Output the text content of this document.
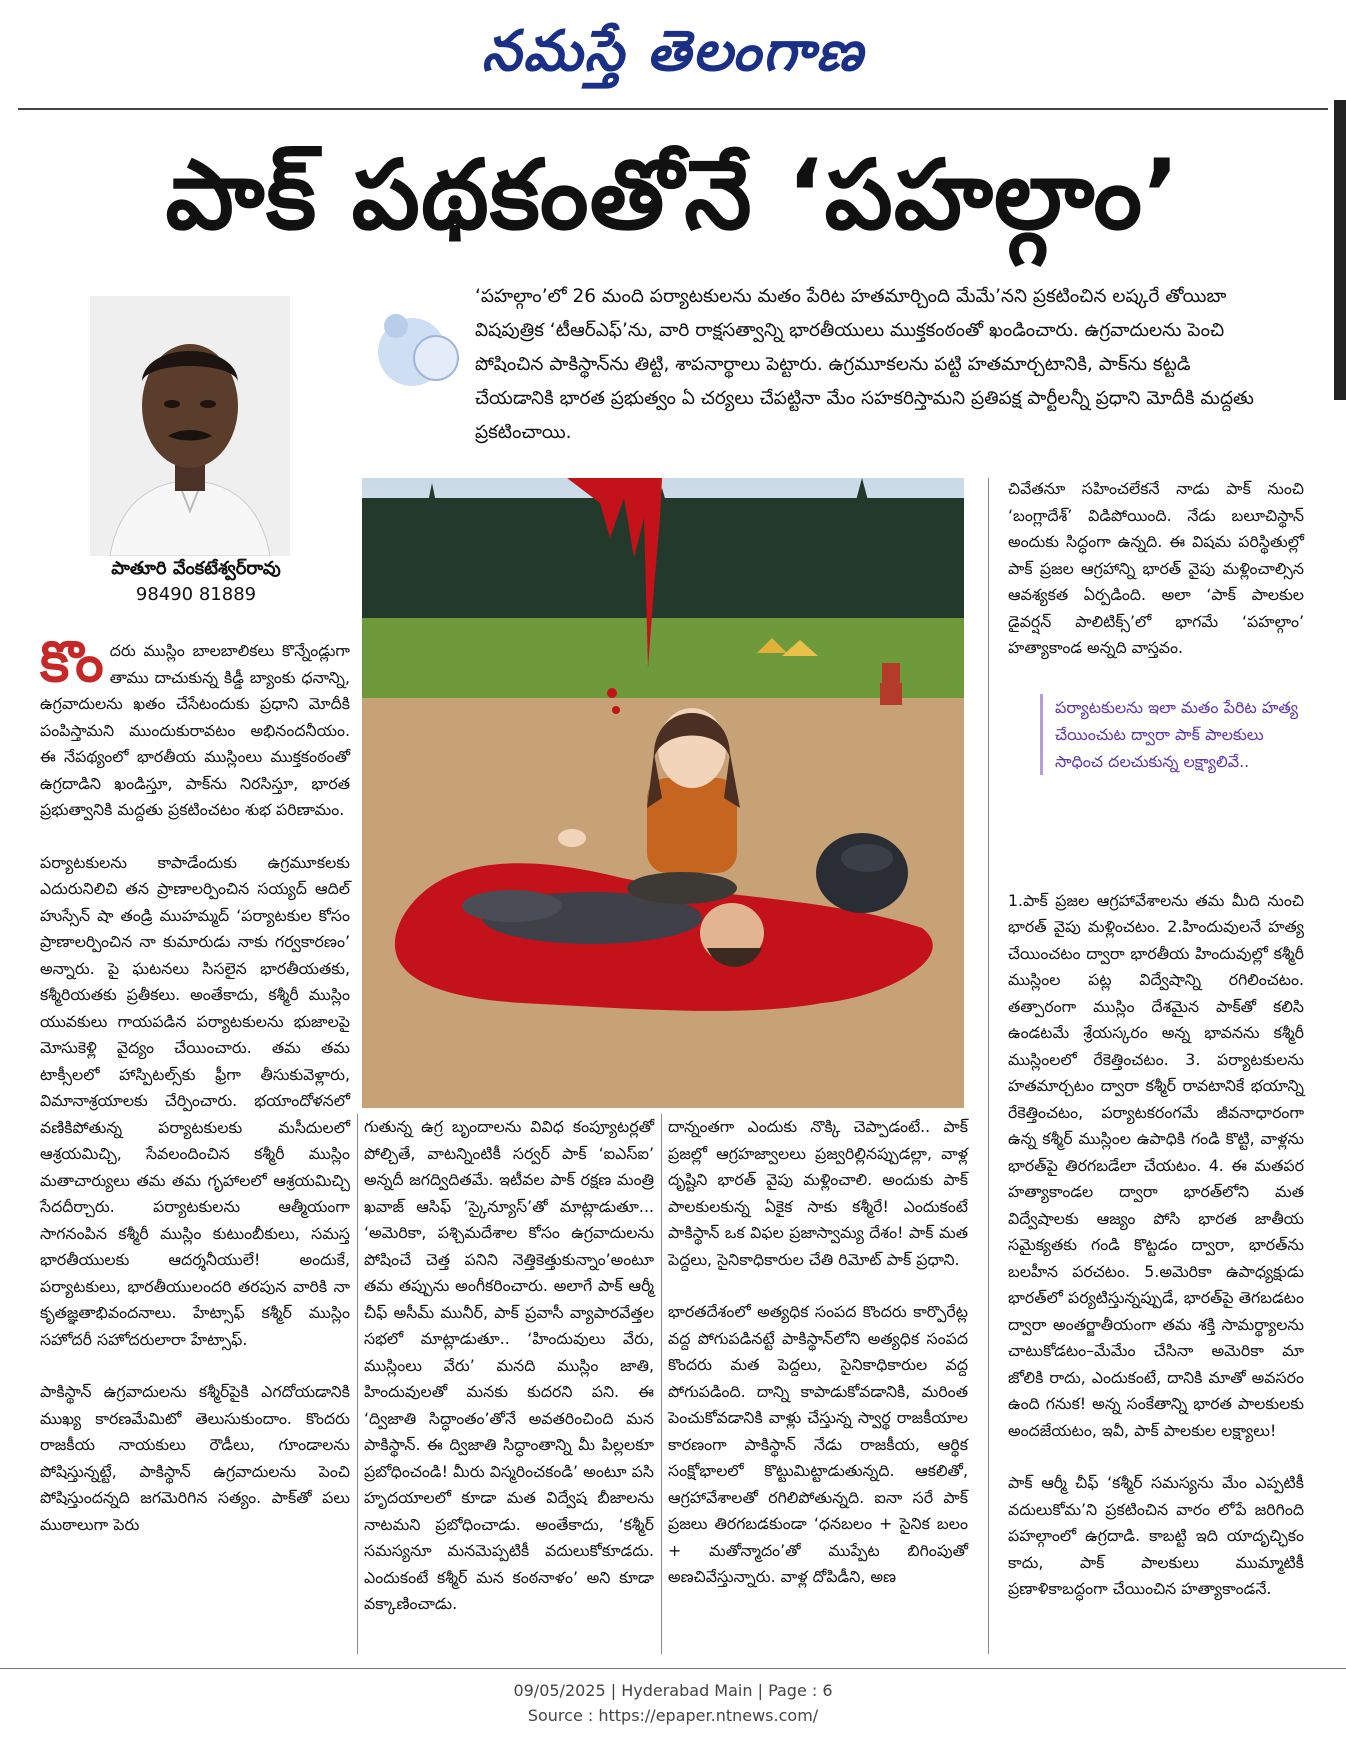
నమస్తే తెలంగాణ
పాక్ పథకంతోనే ‘పహల్గాం’
పాతూరి వేంకటేశ్వర్‌రావు
98490 81889

‘పహల్గాం’లో 26 మంది పర్యాటకులను మతం పేరిట హతమార్చింది మేమే’నని ప్రకటించిన లష్కరే తోయిబా విషపుత్రిక ‘టీఆర్‌ఎఫ్’ను, వారి రాక్షసత్వాన్ని భారతీయులు ముక్తకంఠంతో ఖండించారు. ఉగ్రవాదులను పెంచి పోషించిన పాకిస్థాన్‌ను తిట్టి, శాపనార్థాలు పెట్టారు. ఉగ్రమూకలను పట్టి హతమార్చటానికి, పాక్‌ను కట్టడి చేయడానికి భారత ప్రభుత్వం ఏ చర్యలు చేపట్టినా మేం సహకరిస్తామని ప్రతిపక్ష పార్టీలన్నీ ప్రధాని మోదీకి మద్దతు ప్రకటించాయి.

కొందరు ముస్లిం బాలబాలికలు కొన్నేండ్లుగా తాము దాచుకున్న కిడ్డీ బ్యాంకు ధనాన్ని, ఉగ్రవాదులను ఖతం చేసేటందుకు ప్రధాని మోదీకి పంపిస్తామని ముందుకురావటం అభినందనీయం. ఈ నేపథ్యంలో భారతీయ ముస్లింలు ముక్తకంఠంతో ఉగ్రదాడిని ఖండిస్తూ, పాక్‌ను నిరసిస్తూ, భారత ప్రభుత్వానికి మద్దతు ప్రకటించటం శుభ పరిణామం.

పర్యాటకులను కాపాడేందుకు ఉగ్రమూకలకు ఎదురునిలిచి తన ప్రాణాలర్పించిన సయ్యద్ ఆదిల్ హుస్సేన్ షా తండ్రి ముహమ్మద్ ‘పర్యాటకుల కోసం ప్రాణాలర్పించిన నా కుమారుడు నాకు గర్వకారణం’ అన్నారు. పై ఘటనలు సిసలైన భారతీయతకు, కశ్మీరియతకు ప్రతీకలు. అంతేకాదు, కశ్మీరీ ముస్లిం యువకులు గాయపడిన పర్యాటకులను భుజాలపై మోసుకెళ్లి వైద్యం చేయించారు. తమ తమ టాక్సీలలో హాస్పిటల్స్‌కు ఫ్రీగా తీసుకువెళ్లారు, విమానాశ్రయాలకు చేర్పించారు. భయాందోళనలో వణికిపోతున్న పర్యాటకులకు మసీదులలో ఆశ్రయమిచ్చి, సేవలందించిన కశ్మీరీ ముస్లిం మతాచార్యులు తమ తమ గృహాలలో ఆశ్రయమిచ్చి సేదదీర్చారు. పర్యాటకులను ఆత్మీయంగా సాగనంపిన కశ్మీరీ ముస్లిం కుటుంబీకులు, సమస్త భారతీయులకు ఆదర్శనీయులే! అందుకే, పర్యాటకులు, భారతీయులందరి తరపున వారికి నా కృతజ్ఞతాభివందనాలు. హేట్సాఫ్ కశ్మీర్ ముస్లిం సహోదరీ సహోదరులారా హేట్సాఫ్.

పాకిస్థాన్ ఉగ్రవాదులను కశ్మీర్‌పైకి ఎగదోయడానికి ముఖ్య కారణమేమిటో తెలుసుకుందాం. కొందరు రాజకీయ నాయకులు రౌడీలు, గూండాలను పోషిస్తున్నట్టే, పాకిస్థాన్ ఉగ్రవాదులను పెంచి పోషిస్తుందన్నది జగమెరిగిన సత్యం. పాక్‌తో పలు ముఠాలుగా పెరు

గుతున్న ఉగ్ర బృందాలను వివిధ కంప్యూటర్లతో పోల్చితే, వాటన్నింటికీ సర్వర్ పాక్ ‘ఐఎస్‌ఐ’ అన్నదీ జగద్విదితమే. ఇటీవల పాక్ రక్షణ మంత్రి ఖవాజ్ ఆసిఫ్ ‘స్కైన్యూస్’తో మాట్లాడుతూ... ‘అమెరికా, పశ్చిమదేశాల కోసం ఉగ్రవాదులను పోషించే చెత్త పనిని నెత్తికెత్తుకున్నాం’అంటూ తమ తప్పును అంగీకరించారు. అలాగే పాక్ ఆర్మీ చీఫ్ అసీమ్ మునీర్, పాక్ ప్రవాసీ వ్యాపారవేత్తల సభలో మాట్లాడుతూ.. ‘హిందువులు వేరు, ముస్లింలు వేరు’ మనది ముస్లిం జాతి, హిందువులతో మనకు కుదరని పని. ఈ ‘ద్విజాతి సిద్ధాంతం’తోనే అవతరించింది మన పాకిస్థాన్. ఈ ద్విజాతి సిద్ధాంతాన్ని మీ పిల్లలకూ ప్రబోధించండి! మీరు విస్మరించకండి’ అంటూ పసి హృదయాలలో కూడా మత విద్వేష బీజాలను నాటమని ప్రబోధించాడు. అంతేకాదు, ‘కశ్మీర్ సమస్యనూ మనమెప్పటికీ వదులుకోకూడదు. ఎందుకంటే కశ్మీర్ మన కంఠనాళం’ అని కూడా వక్కాణించాడు.

దాన్నంతగా ఎందుకు నొక్కి చెప్పాడంటే.. పాక్ ప్రజల్లో ఆగ్రహజ్వాలలు ప్రజ్వరిల్లినప్పుడల్లా, వాళ్ల దృష్టిని భారత్ వైపు మళ్లించాలి. అందుకు పాక్ పాలకులకున్న ఏకైక సాకు కశ్మీరే! ఎందుకంటే పాకిస్థాన్ ఒక విఫల ప్రజాస్వామ్య దేశం! పాక్ మత పెద్దలు, సైనికాధికారుల చేతి రిమోట్ పాక్ ప్రధాని.

భారతదేశంలో అత్యధిక సంపద కొందరు కార్పొరేట్ల వద్ద పోగుపడినట్టే పాకిస్థాన్‌లోని అత్యధిక సంపద కొందరు మత పెద్దలు, సైనికాధికారుల వద్ద పోగుపడింది. దాన్ని కాపాడుకోవడానికి, మరింత పెంచుకోవడానికి వాళ్లు చేస్తున్న స్వార్థ రాజకీయాల కారణంగా పాకిస్థాన్ నేడు రాజకీయ, ఆర్థిక సంక్షోభాలలో కొట్టుమిట్టాడుతున్నది. ఆకలితో, ఆగ్రహావేశాలతో రగిలిపోతున్నది. ఐనా సరే పాక్ ప్రజలు తిరగబడకుండా ‘ధనబలం + సైనిక బలం + మతోన్మాదం’తో ముప్పేట బిగింపుతో అణచివేస్తున్నారు. వాళ్ల దోపిడీని, అణ

చివేతనూ సహించలేకనే నాడు పాక్ నుంచి ‘బంగ్లాదేశ్’ విడిపోయింది. నేడు బలూచిస్థాన్ అందుకు సిద్ధంగా ఉన్నది. ఈ విషమ పరిస్థితుల్లో పాక్ ప్రజల ఆగ్రహాన్ని భారత్ వైపు మళ్లించాల్సిన ఆవశ్యకత ఏర్పడింది. అలా ‘పాక్ పాలకుల డైవర్షన్ పాలిటిక్స్’లో భాగమే ‘పహల్గాం’ హత్యాకాండ అన్నది వాస్తవం.

1.పాక్ ప్రజల ఆగ్రహావేశాలను తమ మీది నుంచి భారత్ వైపు మళ్లించటం. 2.హిందువులనే హత్య చేయించటం ద్వారా భారతీయ హిందువుల్లో కశ్మీరీ ముస్లింల పట్ల విద్వేషాన్ని రగిలించటం. తత్పారంగా ముస్లిం దేశమైన పాక్‌తో కలిసి ఉండటమే శ్రేయస్కరం అన్న భావనను కశ్మీరీ ముస్లింలలో రేకెత్తించటం. 3. పర్యాటకులను హతమార్చటం ద్వారా కశ్మీర్ రావటానికే భయాన్ని రేకెత్తించటం, పర్యాటకరంగమే జీవనాధారంగా ఉన్న కశ్మీర్ ముస్లింల ఉపాధికి గండి కొట్టి, వాళ్లను భారత్‌పై తిరగబడేలా చేయటం. 4. ఈ మతపర హత్యాకాండల ద్వారా భారత్‌లోని మత విద్వేషాలకు ఆజ్యం పోసి భారత జాతీయ సమైక్యతకు గండి కొట్టడం ద్వారా, భారత్‌ను బలహీన పరచటం. 5.అమెరికా ఉపాధ్యక్షుడు భారత్‌లో పర్యటిస్తున్నప్పుడే, భారత్‌పై తెగబడటం ద్వారా అంతర్జాతీయంగా తమ శక్తి సామర్థ్యాలను చాటుకోడటం–మేమేం చేసినా అమెరికా మా జోలికి రాదు, ఎందుకంటే, దానికి మాతో అవసరం ఉంది గనుక! అన్న సంకేతాన్ని భారత పాలకులకు అందజేయటం, ఇవీ, పాక్ పాలకుల లక్ష్యాలు!

పాక్ ఆర్మీ చీఫ్ ‘కశ్మీర్ సమస్యను మేం ఎప్పటికీ వదులుకోమ’ని ప్రకటించిన వారం లోపే జరిగింది పహల్గాంలో ఉగ్రదాడి. కాబట్టి ఇది యాదృచ్ఛికం కాదు, పాక్ పాలకులు ముమ్మాటికీ ప్రణాళికాబద్ధంగా చేయించిన హత్యాకాండనే.

పర్యాటకులను ఇలా మతం పేరిట హత్య చేయించుట ద్వారా పాక్ పాలకులు సాధించ దలచుకున్న లక్ష్యాలివే..
09/05/2025 | Hyderabad Main | Page : 6
Source : https://epaper.ntnews.com/
